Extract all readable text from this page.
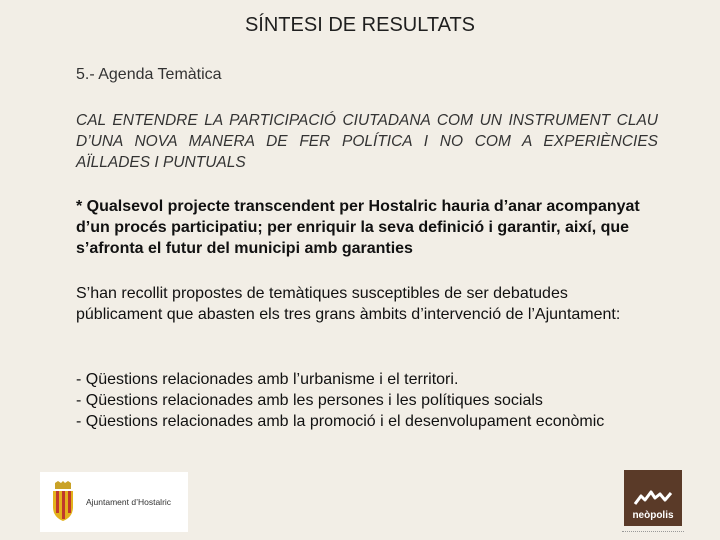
SÍNTESI DE RESULTATS
5.- Agenda Temàtica
CAL ENTENDRE LA PARTICIPACIÓ CIUTADANA COM UN INSTRUMENT CLAU D’UNA NOVA MANERA DE FER POLÍTICA I NO COM A EXPERIÈNCIES AÏLLADES I PUNTUALS
* Qualsevol projecte transcendent per Hostalric hauria d’anar acompanyat d’un procés participatiu; per enriquir la seva definició i garantir, així, que s’afronta el futur del municipi amb garanties
S’han recollit propostes de temàtiques susceptibles de ser debatudes públicament que abasten els tres grans àmbits d’intervenció de l’Ajuntament:
- Qüestions relacionades amb l’urbanisme i el territori.
- Qüestions relacionades amb les persones i les polítiques socials
- Qüestions relacionades amb la promoció i el desenvolupament econòmic
Ajuntament d’Hostalric
neòpolis
